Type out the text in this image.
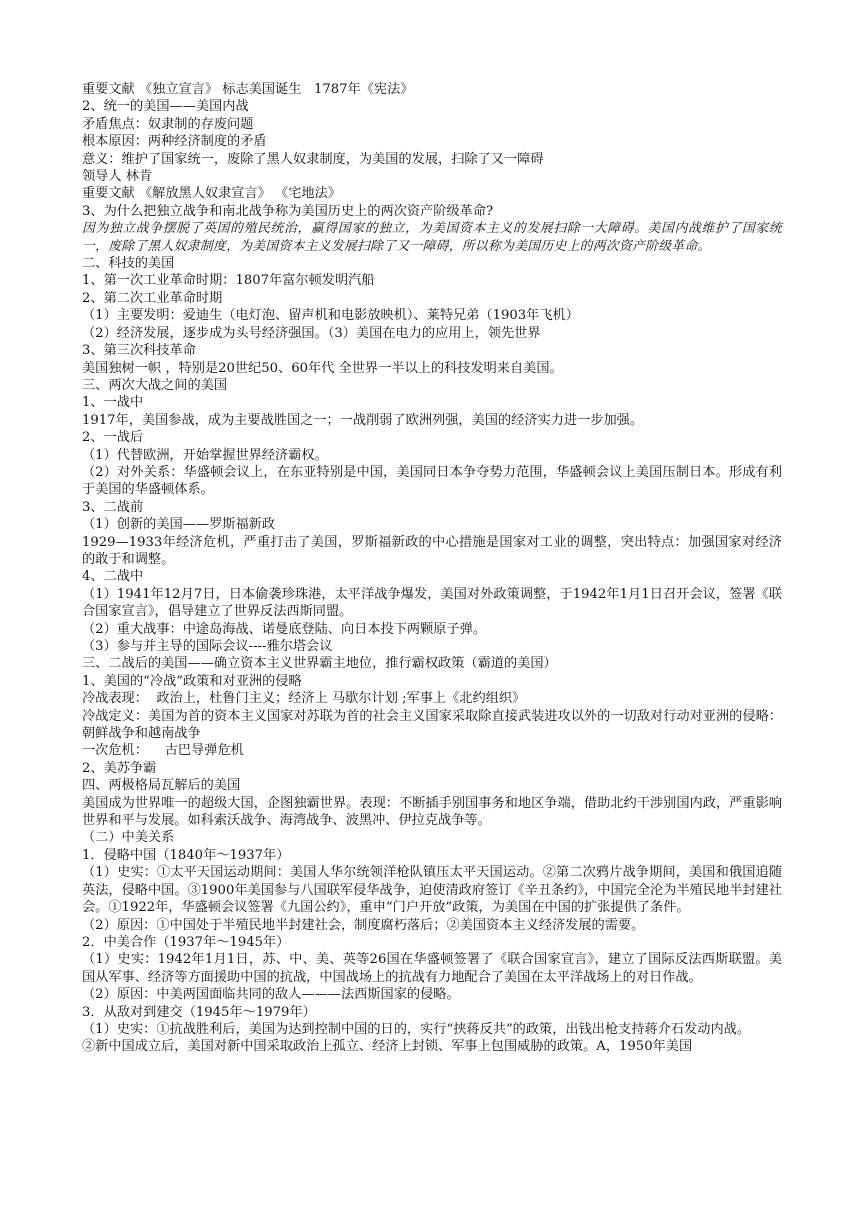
重要文献 《独立宣言》 标志美国诞生   1787年《宪法》
2、统一的美国——美国内战
矛盾焦点：奴隶制的存废问题
根本原因：两种经济制度的矛盾
意义：维护了国家统一，废除了黑人奴隶制度，为美国的发展，扫除了又一障碍
领导人 林肯
重要文献 《解放黑人奴隶宣言》 《宅地法》
3、为什么把独立战争和南北战争称为美国历史上的两次资产阶级革命?
因为独立战争摆脱了英国的殖民统治，赢得国家的独立，为美国资本主义的发展扫除一大障碍。美国内战维护了国家统一，废除了黑人奴隶制度，为美国资本主义发展扫除了又一障碍，所以称为美国历史上的两次资产阶级革命。
二、科技的美国
1、第一次工业革命时期：1807年富尔顿发明汽船
2、第二次工业革命时期
（1）主要发明：爱迪生（电灯泡、留声机和电影放映机）、莱特兄弟（1903年飞机）
（2）经济发展，逐步成为头号经济强国。（3）美国在电力的应用上，领先世界
3、第三次科技革命
美国独树一帜 ，特别是20世纪50、60年代 全世界一半以上的科技发明来自美国。
三、两次大战之间的美国
1、一战中
1917年，美国参战，成为主要战胜国之一；一战削弱了欧洲列强，美国的经济实力进一步加强。
2、一战后
（1）代替欧洲，开始掌握世界经济霸权。
（2）对外关系：华盛顿会议上，在东亚特别是中国，美国同日本争夺势力范围，华盛顿会议上美国压制日本。形成有利于美国的华盛顿体系。
3、二战前
（1）创新的美国——罗斯福新政
1929—1933年经济危机，严重打击了美国，罗斯福新政的中心措施是国家对工业的调整，突出特点：加强国家对经济的敢于和调整。
4、二战中
（1）1941年12月7日，日本偷袭珍珠港，太平洋战争爆发，美国对外政策调整，于1942年1月1日召开会议，签署《联合国家宣言》，倡导建立了世界反法西斯同盟。
（2）重大战事：中途岛海战、诺曼底登陆、向日本投下两颗原子弹。
（3）参与并主导的国际会议----雅尔塔会议
三、二战后的美国——确立资本主义世界霸主地位，推行霸权政策（霸道的美国）
1、美国的“冷战”政策和对亚洲的侵略
冷战表现：  政治上，杜鲁门主义；经济上 马歇尔计划 ;军事上《北约组织》
冷战定义：美国为首的资本主义国家对苏联为首的社会主义国家采取除直接武装进攻以外的一切敌对行动对亚洲的侵略：朝鲜战争和越南战争
一次危机：    古巴导弹危机
2、美苏争霸
四、两极格局瓦解后的美国
美国成为世界唯一的超级大国，企图独霸世界。表现：不断插手别国事务和地区争端，借助北约干涉别国内政，严重影响世界和平与发展。如科索沃战争、海湾战争、波黑冲、伊拉克战争等。
（二）中美关系
1．侵略中国（1840年～1937年）
（1）史实：①太平天国运动期间：美国人华尔统领洋枪队镇压太平天国运动。②第二次鸦片战争期间，美国和俄国追随英法，侵略中国。③1900年美国参与八国联军侵华战争，迫使清政府签订《辛丑条约》，中国完全沦为半殖民地半封建社会。①1922年，华盛顿会议签署《九国公约》，重申“门户开放”政策，为美国在中国的扩张提供了条件。
（2）原因：①中国处于半殖民地半封建社会，制度腐朽落后；②美国资本主义经济发展的需要。
2．中美合作（1937年～1945年）
（1）史实：1942年1月1日，苏、中、美、英等26国在华盛顿签署了《联合国家宣言》，建立了国际反法西斯联盟。美国从军事、经济等方面援助中国的抗战，中国战场上的抗战有力地配合了美国在太平洋战场上的对日作战。
（2）原因：中美两国面临共同的敌人———法西斯国家的侵略。
3．从敌对到建交（1945年～1979年）
（1）史实：①抗战胜利后，美国为达到控制中国的日的，实行“挟蒋反共”的政策，出钱出枪支持蒋介石发动内战。
②新中国成立后，美国对新中国采取政治上孤立、经济上封锁、军事上包围威胁的政策。A，1950年美国
